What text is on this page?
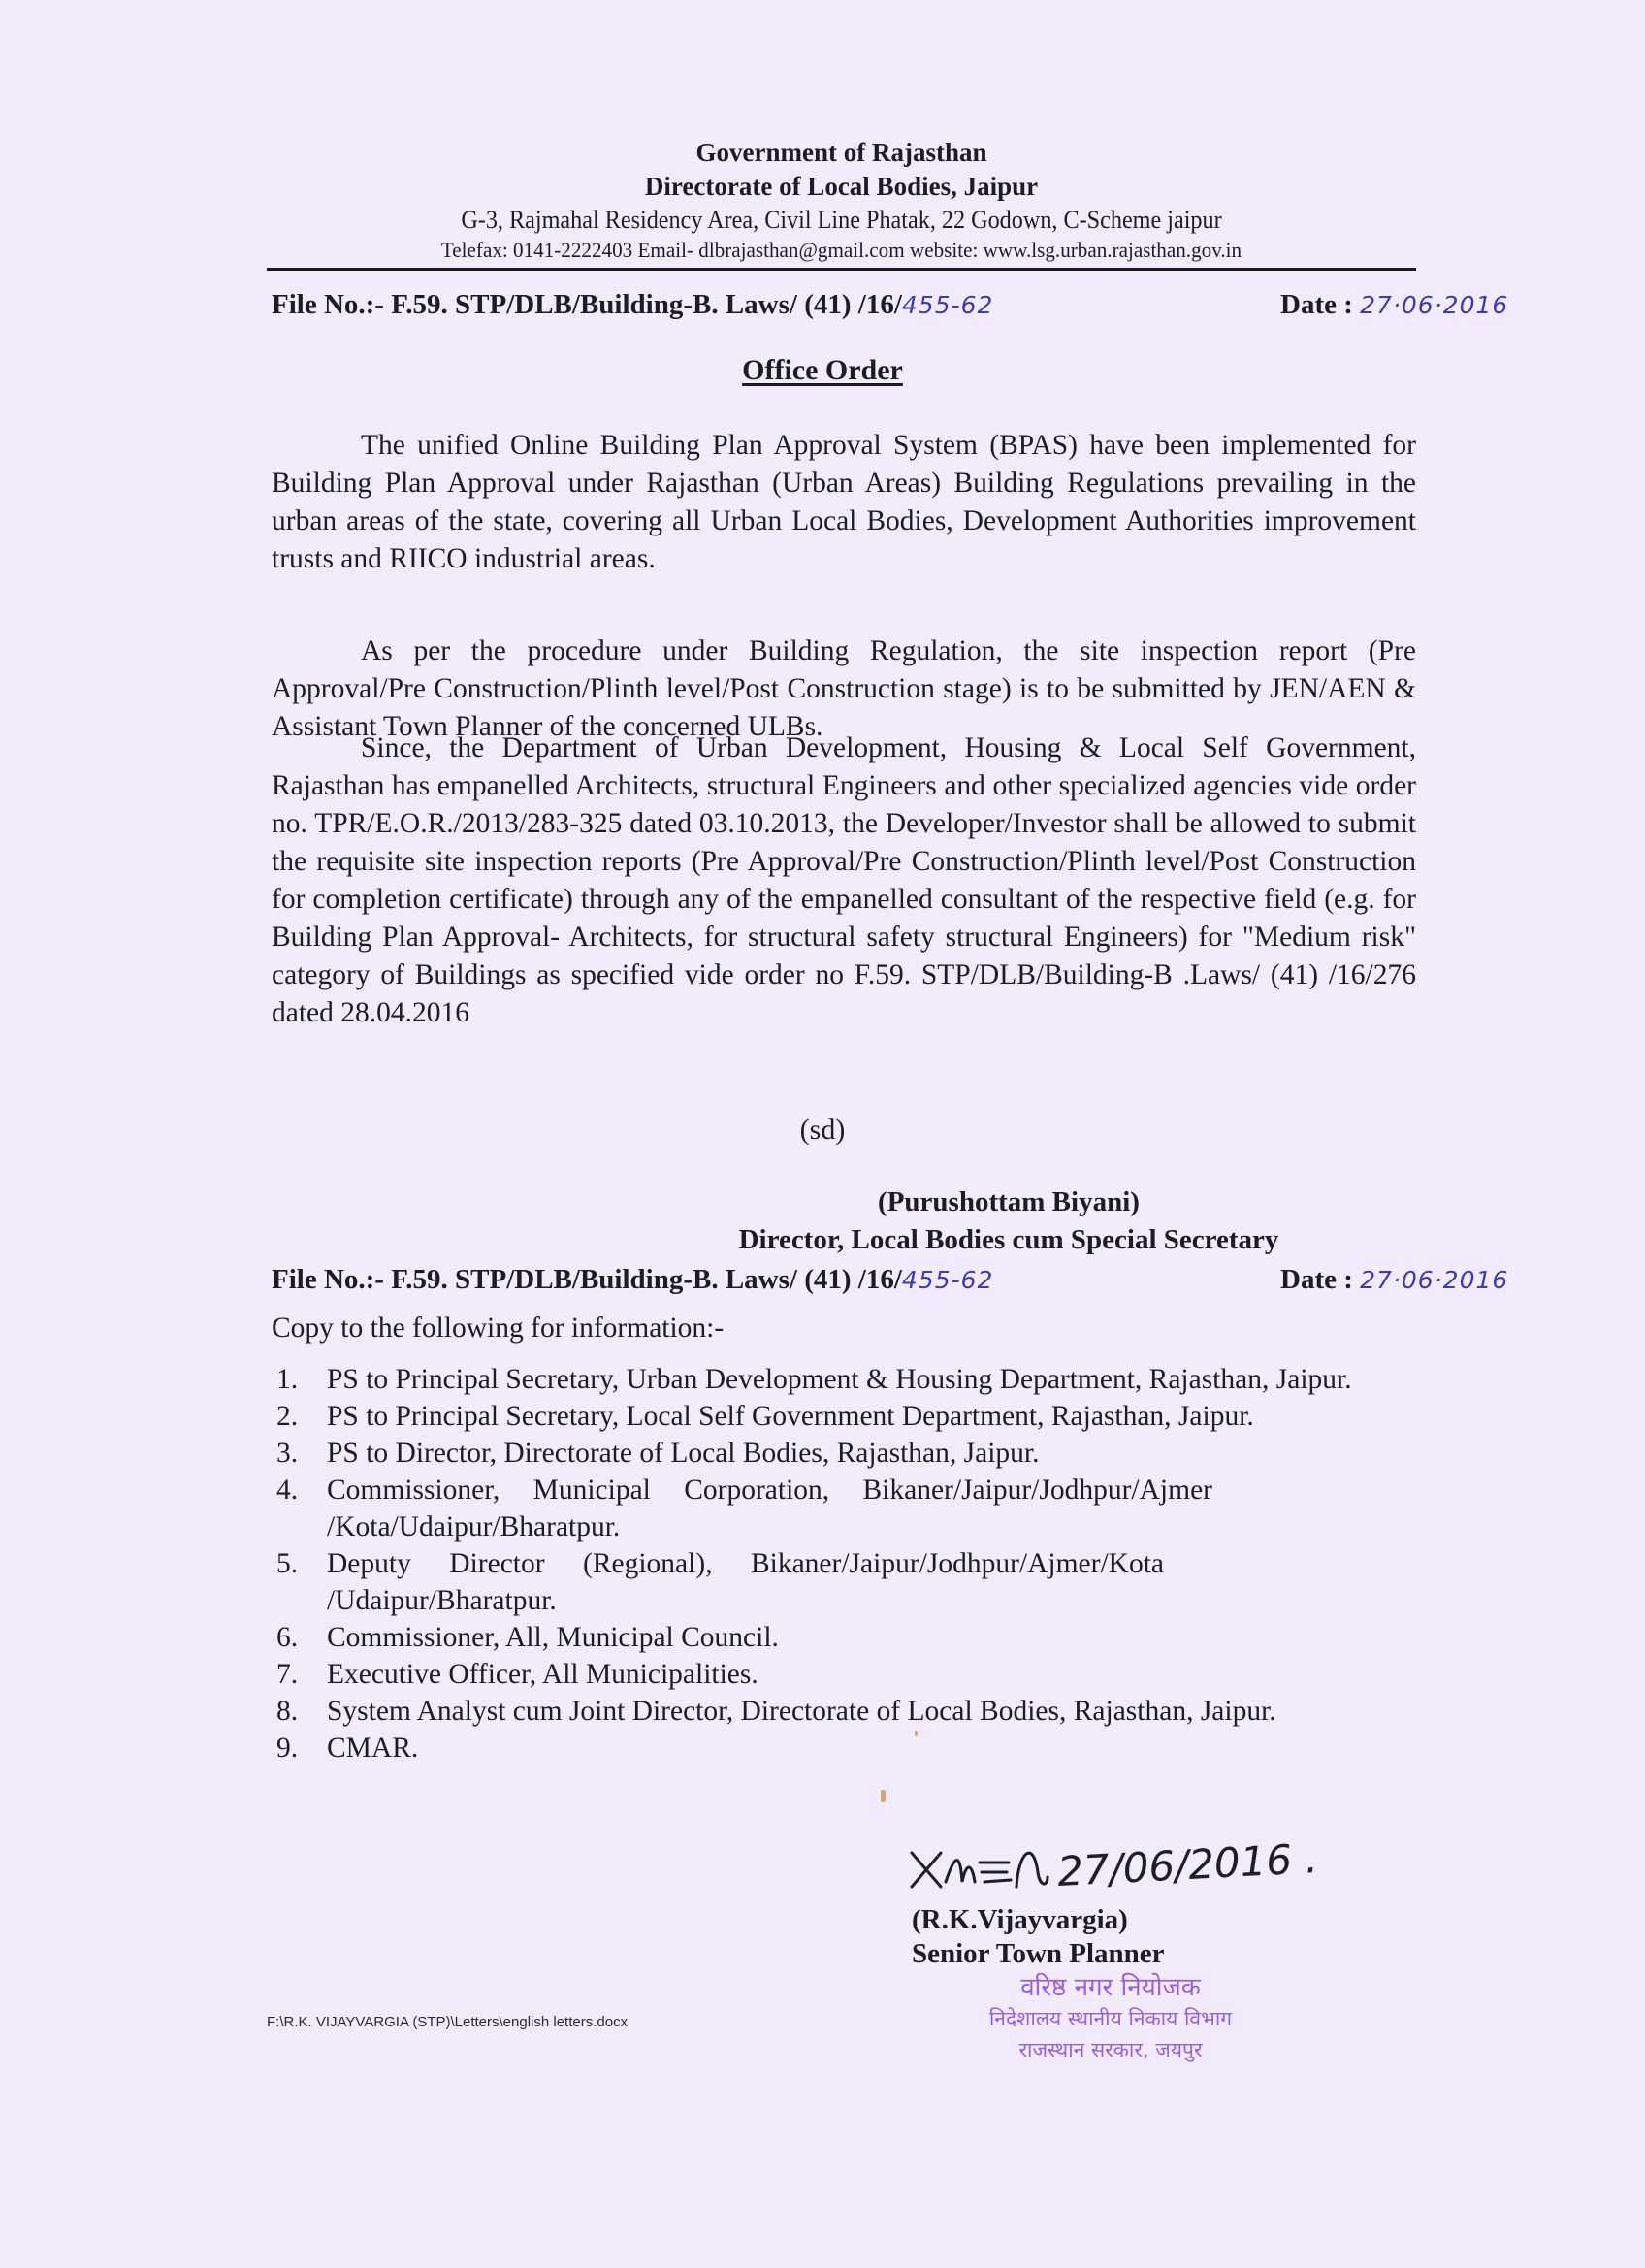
Government of Rajasthan
Directorate of Local Bodies, Jaipur
G-3, Rajmahal Residency Area, Civil Line Phatak, 22 Godown, C-Scheme jaipur
Telefax: 0141-2222403 Email- dlbrajasthan@gmail.com website: www.lsg.urban.rajasthan.gov.in
File No.:- F.59. STP/DLB/Building-B. Laws/ (41) /16/455-62	Date : 27·06·2016
Office Order

The unified Online Building Plan Approval System (BPAS) have been implemented for Building Plan Approval under Rajasthan (Urban Areas) Building Regulations prevailing in the urban areas of the state, covering all Urban Local Bodies, Development Authorities improvement trusts and RIICO industrial areas.

As per the procedure under Building Regulation, the site inspection report (Pre Approval/Pre Construction/Plinth level/Post Construction stage) is to be submitted by JEN/AEN & Assistant Town Planner of the concerned ULBs.

Since, the Department of Urban Development, Housing & Local Self Government, Rajasthan has empanelled Architects, structural Engineers and other specialized agencies vide order no. TPR/E.O.R./2013/283-325 dated 03.10.2013, the Developer/Investor shall be allowed to submit the requisite site inspection reports (Pre Approval/Pre Construction/Plinth level/Post Construction for completion certificate) through any of the empanelled consultant of the respective field (e.g. for Building Plan Approval- Architects, for structural safety structural Engineers) for "Medium risk" category of Buildings as specified vide order no F.59. STP/DLB/Building-B .Laws/ (41) /16/276 dated 28.04.2016

(sd)
(Purushottam Biyani)
Director, Local Bodies cum Special Secretary
File No.:- F.59. STP/DLB/Building-B. Laws/ (41) /16/455-62	Date : 27·06·2016
Copy to the following for information:-
1. PS to Principal Secretary, Urban Development & Housing Department, Rajasthan, Jaipur.
2. PS to Principal Secretary, Local Self Government Department, Rajasthan, Jaipur.
3. PS to Director, Directorate of Local Bodies, Rajasthan, Jaipur.
4. Commissioner, Municipal Corporation, Bikaner/Jaipur/Jodhpur/Ajmer /Kota/Udaipur/Bharatpur.
5. Deputy Director (Regional), Bikaner/Jaipur/Jodhpur/Ajmer/Kota /Udaipur/Bharatpur.
6. Commissioner, All, Municipal Council.
7. Executive Officer, All Municipalities.
8. System Analyst cum Joint Director, Directorate of Local Bodies, Rajasthan, Jaipur.
9. CMAR.
27/06/2016 .
(R.K.Vijayvargia)
Senior Town Planner
वरिष्ठ नगर नियोजक
निदेशालय स्थानीय निकाय विभाग
राजस्थान सरकार, जयपुर
F:\R.K. VIJAYVARGIA (STP)\Letters\english letters.docx
